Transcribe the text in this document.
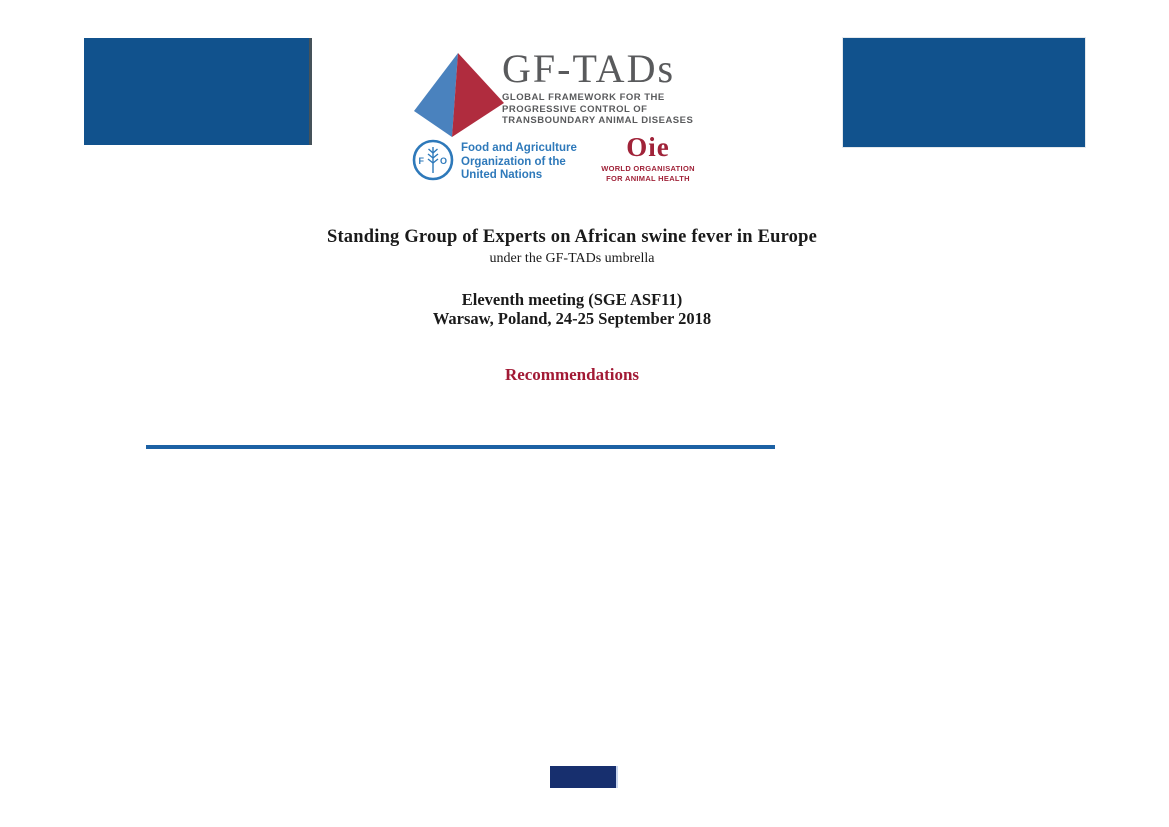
GF-TADs
GLOBAL FRAMEWORK FOR THE
PROGRESSIVE CONTROL OF
TRANSBOUNDARY ANIMAL DISEASES
F O
Food and Agriculture
Organization of the
United Nations
Oie
WORLD ORGANISATION
FOR ANIMAL HEALTH
Standing Group of Experts on African swine fever in Europe
under the GF-TADs umbrella
Eleventh meeting (SGE ASF11)
Warsaw, Poland, 24-25 September 2018
Recommendations
